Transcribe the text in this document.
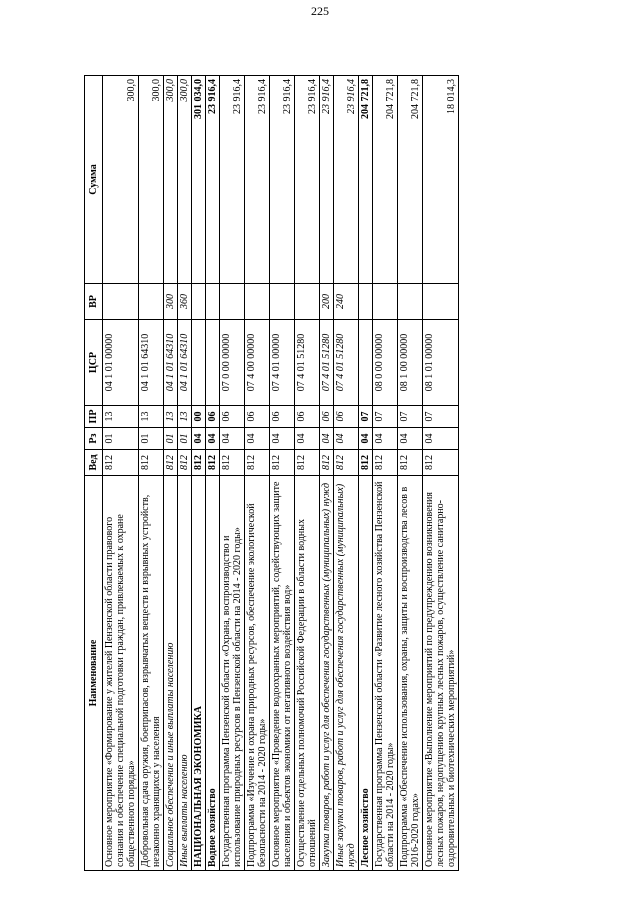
225
Наименование	Вед	Рз	ПР	ЦСР	ВР	Сумма
Основное мероприятие «Формирование у жителей Пензенской области правового сознания и обеспечение специальной подготовки граждан, привлекаемых к охране общественного порядка»	812	01	13	04 1 01 00000		300,0
Добровольная сдача оружия, боеприпасов, взрывчатых веществ и взрывных устройств, незаконно хранящихся у населения	812	01	13	04 1 01 64310		300,0
Социальное обеспечение и иные выплаты населению	812	01	13	04 1 01 64310	300	300,0
Иные выплаты населению	812	01	13	04 1 01 64310	360	300,0
НАЦИОНАЛЬНАЯ ЭКОНОМИКА	812	04	00			301 034,0
Водное хозяйство	812	04	06			23 916,4
Государственная программа Пензенской области «Охрана, воспроизводство и использование природных ресурсов в Пензенской области на 2014 - 2020 годы»	812	04	06	07 0 00 00000		23 916,4
Подпрограмма «Изучение и охрана природных ресурсов, обеспечение экологической безопасности на 2014 - 2020 годы»	812	04	06	07 4 00 00000		23 916,4
Основное мероприятие «Проведение водоохранных мероприятий, содействующих защите населения и объектов экономики от негативного воздействия вод»	812	04	06	07 4 01 00000		23 916,4
Осуществление отдельных полномочий Российской Федерации в области водных отношений	812	04	06	07 4 01 51280		23 916,4
Закупка товаров, работ и услуг для обеспечения государственных (муниципальных) нужд	812	04	06	07 4 01 51280	200	23 916,4
Иные закупки товаров, работ и услуг для обеспечения государственных (муниципальных) нужд	812	04	06	07 4 01 51280	240	23 916,4
Лесное хозяйство	812	04	07			204 721,8
Государственная программа Пензенской области «Развитие лесного хозяйства Пензенской области на 2014 - 2020 годы»	812	04	07	08 0 00 00000		204 721,8
Подпрограмма «Обеспечение использования, охраны, защиты и воспроизводства лесов в 2016-2020 годах»	812	04	07	08 1 00 00000		204 721,8
Основное мероприятие «Выполнение мероприятий по предупреждению возникновения лесных пожаров, недопущению крупных лесных пожаров, осуществление санитарно-оздоровительных и биотехнических мероприятий»	812	04	07	08 1 01 00000		18 014,3
